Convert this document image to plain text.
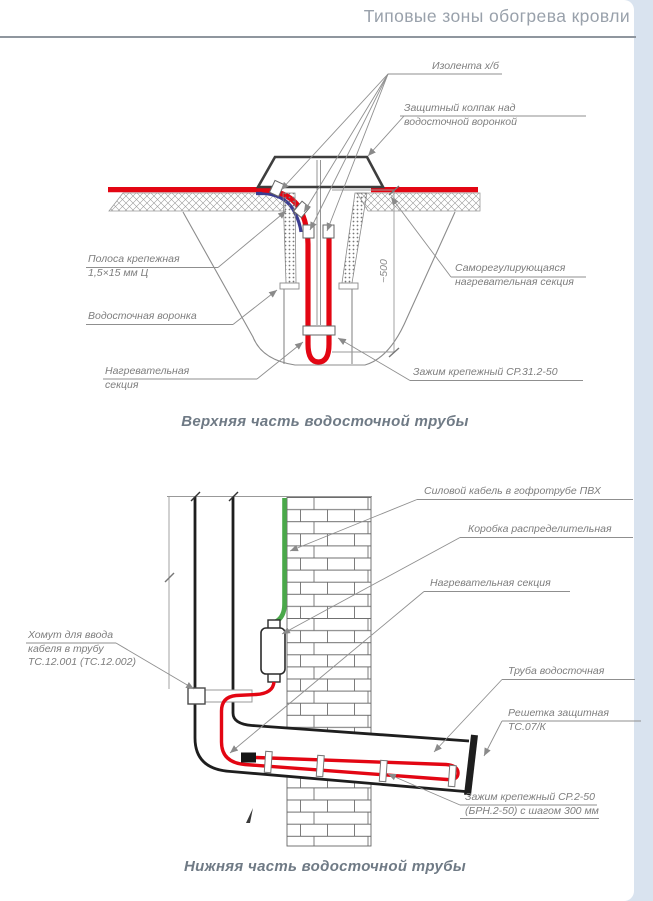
Типовые зоны обогрева кровли
~500
Изолента х/б
Защитный колпак над
водосточной воронкой
Полоса крепежная
1,5×15 мм Ц
Водосточная воронка
Нагревательная
секция
Саморегулирующаяся
нагревательная секция
Зажим крепежный СР.31.2-50
Верхняя часть водосточной трубы
Силовой кабель в гофротрубе ПВХ
Коробка распределительная
Нагревательная секция
Хомут для ввода
кабеля в трубу
ТС.12.001 (ТС.12.002)
Труба водосточная
Решетка защитная
ТС.07/К
Зажим крепежный СР.2-50
(БРН.2-50) с шагом 300 мм
Нижняя часть водосточной трубы
